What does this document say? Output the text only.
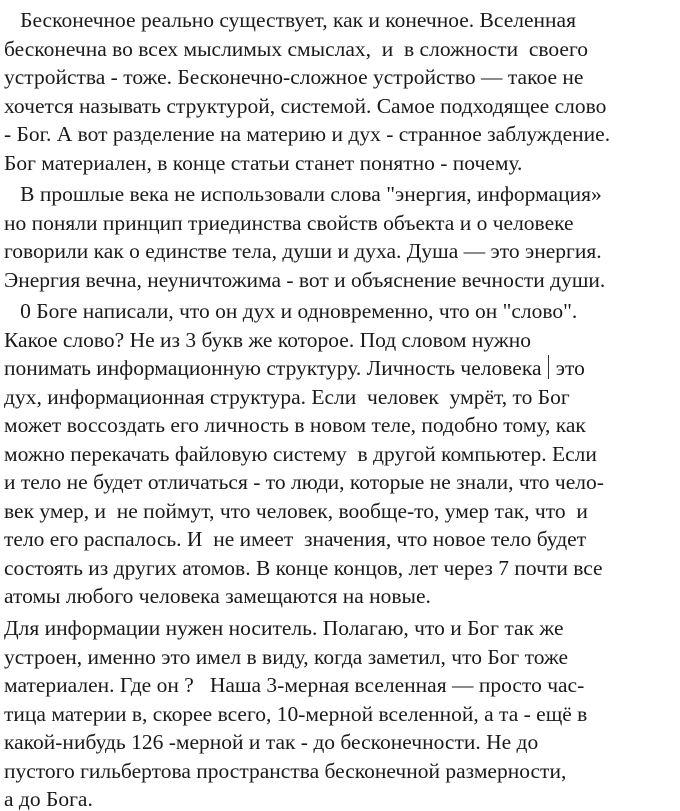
Бесконечное реально существует, как и конечное. Вселенная
бесконечна во всех мыслимых смыслах,  и  в сложности  своего
устройства - тоже. Бесконечно-сложное устройство — такое не
хочется называть структурой, системой. Самое подходящее слово
- Бог. А вот разделение на материю и дух - странное заблуждение.
Бог материален, в конце статьи станет понятно - почему.
В прошлые века не использовали слова "энергия, информация»
но поняли принцип триединства свойств объекта и о человеке
говорили как о единстве тела, души и духа. Душа — это энергия.
Энергия вечна, неуничтожима - вот и объяснение вечности души.
0 Боге написали, что он дух и одновременно, что он "слово".
Какое слово? Не из 3 букв же которое. Под словом нужно
понимать информационную структуру. Личность человека  это
дух, информационная структура. Если  человек  умрёт, то Бог
может воссоздать его личность в новом теле, подобно тому, как
можно перекачать файловую систему  в другой компьютер. Если
и тело не будет отличаться - то люди, которые не знали, что чело-
век умер, и  не поймут, что человек, вообще-то, умер так, что  и
тело его распалось. И  не имеет  значения, что новое тело будет
состоять из других атомов. В конце концов, лет через 7 почти все
атомы любого человека замещаются на новые.
Для информации нужен носитель. Полагаю, что и Бог так же
устроен, именно это имел в виду, когда заметил, что Бог тоже
материален. Где он ?   Наша 3-мерная вселенная — просто час-
тица материи в, скорее всего, 10-мерной вселенной, а та - ещё в
какой-нибудь 126 -мерной и так - до бесконечности. Не до
пустого гильбертова пространства бесконечной размерности,
а до Бога.
